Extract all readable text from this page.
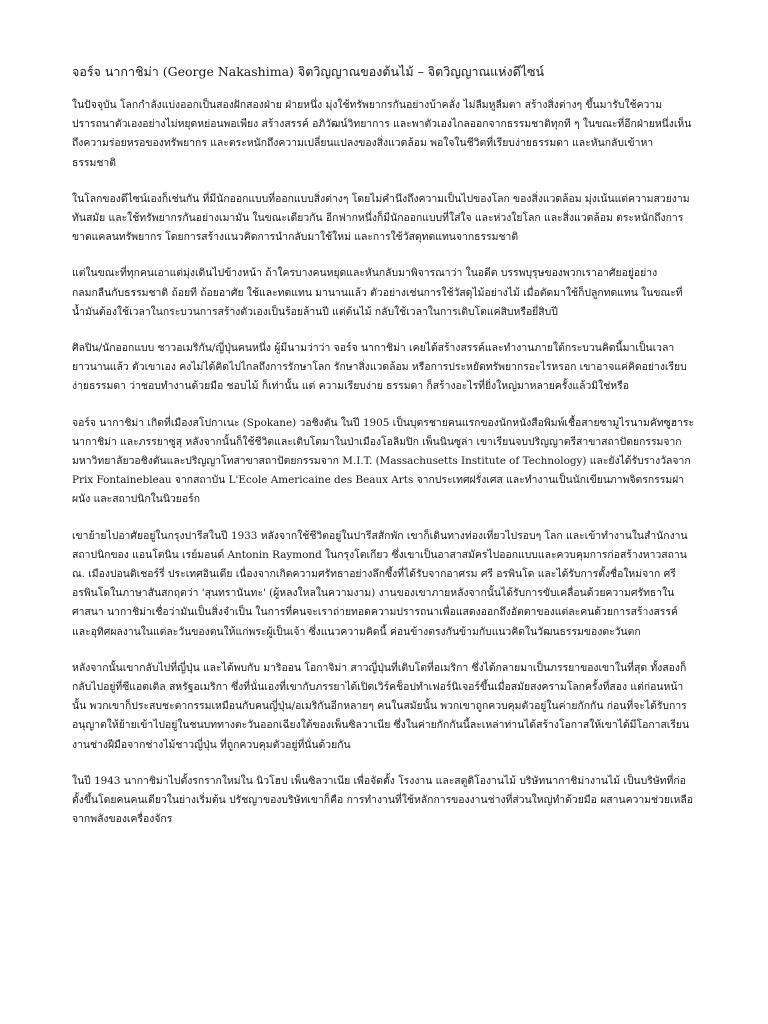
จอร์จ นากาชิม่า (George Nakashima) จิตวิญญาณของต้นไม้ – จิตวิญญาณแห่งดีไซน์

ในปัจจุบัน โลกกำลังแบ่งออกเป็นสองฝักสองฝ่าย ฝ่ายหนึ่ง มุ่งใช้ทรัพยากรกันอย่างบ้าคลั่ง ไม่ลืมหูลืมตา สร้างสิ่งต่างๆ ขึ้นมารับใช้ความปรารถนาตัวเองอย่างไม่หยุดหย่อนพอเพียง สร้างสรรค์ อภิวัฒน์วิทยาการ และพาตัวเองไกลออกจากธรรมชาติทุกที ๆ ในขณะที่อีกฝ่ายหนึ่งเห็นถึงความร่อยหรอของทรัพยากร และตระหนักถึงความเปลี่ยนแปลงของสิ่งแวดล้อม พอใจในชีวิตที่เรียบง่ายธรรมดา และหันกลับเข้าหาธรรมชาติ

ในโลกของดีไซน์เองก็เช่นกัน ที่มีนักออกแบบที่ออกแบบสิ่งต่างๆ โดยไม่คำนึงถึงความเป็นไปของโลก ของสิ่งแวดล้อม มุ่งเน้นแต่ความสวยงาม ทันสมัย และใช้ทรัพยากรกันอย่างเมามัน ในขณะเดียวกัน อีกฟากหนึ่งก็มีนักออกแบบที่ใส่ใจ และห่วงใยโลก และสิ่งแวดล้อม ตระหนักถึงการขาดแคลนทรัพยากร โดยการสร้างแนวคิดการนำกลับมาใช้ใหม่ และการใช้วัสดุทดแทนจากธรรมชาติ

แต่ในขณะที่ทุกคนเอาแต่มุ่งเดินไปข้างหน้า ถ้าใครบางคนหยุดและหันกลับมาพิจารณาว่า ในอดีต บรรพบุรุษของพวกเราอาศัยอยู่อย่างกลมกลืนกับธรรมชาติ ถ้อยที ถ้อยอาศัย ใช้และทดแทน มานานแล้ว ตัวอย่างเช่นการใช้วัสดุไม้อย่างไม้ เมื่อตัดมาใช้ก็ปลูกทดแทน ในขณะที่น้ำมันต้องใช้เวลาในกระบวนการสร้างตัวเองเป็นร้อยล้านปี แต่ต้นไม้ กลับใช้เวลาในการเติบโตแค่สิบหรือยี่สิบปี

ศิลปิน/นักออกแบบ ชาวอเมริกัน/ญี่ปุ่นคนหนึ่ง ผู้มีนามว่าว่า จอร์จ นากาชิม่า เคยได้สร้างสรรค์และทำงานภายใต้กระบวนคิดนี้มาเป็นเวลายาวนานแล้ว ตัวเขาเอง คงไม่ได้คิดไปไกลถึงการรักษาโลก รักษาสิ่งแวดล้อม หรือการประหยัดทรัพยากรอะไรหรอก เขาอาจแค่คิดอย่างเรียบง่ายธรรมดา ว่าชอบทำงานด้วยมือ ชอบไม้ ก็เท่านั้น แต่ ความเรียบง่าย ธรรมดา ก็สร้างอะไรที่ยิ่งใหญ่มาหลายครั้งแล้วมิใช่หรือ

จอร์จ นากาชิม่า เกิดที่เมืองสโปกาเนะ (Spokane) วอชิงตัน ในปี 1905 เป็นบุตรชายคนแรกของนักหนังสือพิมพ์เชื้อสายซามูไรนามคัทซูฮาระ นากาชิม่า และภรรยาซูสุ หลังจากนั้นก็ใช้ชีวิตและเติบโตมาในป่าเมืองโอลิมปิก เพ็นนินซูล่า เขาเรียนจบปริญญาตรีสาขาสถาปัตยกรรมจากมหาวิทยาลัยวอชิงตันและปริญญาโทสาขาสถาปัตยกรรมจาก M.I.T. (Massachusetts Institute of Technology) และยังได้รับรางวัลจาก Prix Fontainebleau จากสถาบัน L'Ecole Americaine des Beaux Arts จากประเทศฝรั่งเศส และทำงานเป็นนักเขียนภาพจิตรกรรมฝาผนัง และสถาปนิกในนิวยอร์ก

เขาย้ายไปอาศัยอยู่ในกรุงปารีสในปี 1933 หลังจากใช้ชีวิตอยู่ในปารีสสักพัก เขาก็เดินทางท่องเที่ยวไปรอบๆ โลก และเข้าทำงานในสำนักงานสถาปนิกของ แอนโตนิน เรย์มอนด์ Antonin Raymond ในกรุงโตเกียว ซึ่งเขาเป็นอาสาสมัครไปออกแบบและควบคุมการก่อสร้างหาวสถาน ณ. เมืองปอนดิเชอร์รี่ ประเทศอินเดีย เนื่องจากเกิดความศรัทธาอย่างลึกซึ้งที่ได้รับจากอาศรม ศรี อรพินโด และได้รับการตั้งชื่อใหม่จาก ศรี อรพินโดในภาษาสันสกฤตว่า 'สุนทรานันทะ' (ผู้หลงใหลในความงาม) งานของเขาภายหลังจากนั้นได้รับการขับเคลื่อนด้วยความศรัทธาในศาสนา นากาชิม่าเชื่อว่ามันเป็นสิ่งจำเป็น ในการที่คนจะเราถ่ายทอดความปรารถนาเพื่อแสดงออกถึงอัตตาของแต่ละคนด้วยการสร้างสรรค์ และอุทิศผลงานในแต่ละวันของตนให้แก่พระผู้เป็นเจ้า ซึ่งแนวความคิดนี้ ค่อนข้างตรงกันข้ามกับแนวคิดในวัฒนธรรมของตะวันตก

หลังจากนั้นเขากลับไปที่ญี่ปุ่น และได้พบกับ มาริออน โอกาจิม่า สาวญี่ปุ่นที่เติบโตที่อเมริกา ซึ่งได้กลายมาเป็นภรรยาของเขาในที่สุด ทั้งสองก็กลับไปอยู่ที่ซีแอตเติล สหรัฐอเมริกา ซึ่งที่นั่นเองที่เขากับภรรยาได้เปิดเวิร์คช็อปทำเฟอร์นิเจอร์ขึ้นเมื่อสมัยสงครามโลกครั้งที่สอง แต่ก่อนหน้านั้น พวกเขาก็ประสบชะตากรรมเหมือนกับคนญี่ปุ่น/อเมริกันอีกหลายๆ คนในสมัยนั้น พวกเขาถูกควบคุมตัวอยู่ในค่ายกักกัน ก่อนที่จะได้รับการอนุญาตให้ย้ายเข้าไปอยู่ในชนบททางตะวันออกเฉียงใต้ของเพ็นซิลวาเนีย ซึ่งในค่ายกักกันนี้ละเหล่าท่านได้สร้างโอกาสให้เขาได้มีโอกาสเรียนงานช่างฝีมือจากช่างไม้ชาวญี่ปุ่น ที่ถูกควบคุมตัวอยู่ที่นั่นด้วยกัน

ในปี 1943 นากาชิม่าไปตั้งรกรากใหม่ใน นิวโฮป เพ็นซิลวาเนีย เพื่อจัดตั้ง โรงงาน และสตูดิโองานไม้ บริษัทนากาชิม่างานไม้ เป็นบริษัทที่ก่อตั้งขึ้นโดยคนคนเดียวในย่างเริ่มต้น ปรัชญาของบริษัทเขาก็คือ การทำงานที่ใช้หลักการของงานช่างที่ส่วนใหญ่ทำด้วยมือ ผสานความช่วยเหลือจากพลังของเครื่องจักร
